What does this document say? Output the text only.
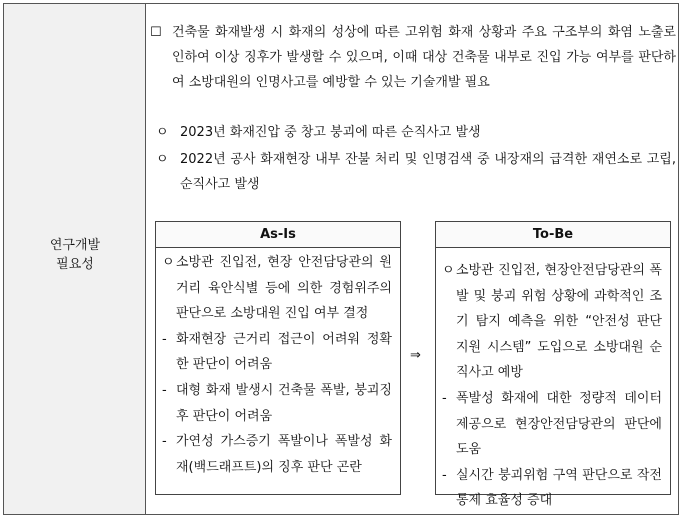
연구개발
필요성
☐ 건축물 화재발생 시 화재의 성상에 따른 고위험 화재 상황과 주요 구조부의 화염 노출로 인하여 이상 징후가 발생할 수 있으며, 이때 대상 건축물 내부로 진입 가능 여부를 판단하여 소방대원의 인명사고를 예방할 수 있는 기술개발 필요
ㅇ 2023년 화재진압 중 창고 붕괴에 따른 순직사고 발생
ㅇ 2022년 공사 화재현장 내부 잔불 처리 및 인명검색 중 내장재의 급격한 재연소로 고립, 순직사고 발생
As-Is
ㅇ 소방관 진입전, 현장 안전담당관의 원거리 육안식별 등에 의한 경험위주의 판단으로 소방대원 진입 여부 결정
- 화재현장 근거리 접근이 어려워 정확한 판단이 어려움
- 대형 화재 발생시 건축물 폭발, 붕괴징후 판단이 어려움
- 가연성 가스증기 폭발이나 폭발성 화재(백드래프트)의 징후 판단 곤란
⇒
To-Be
ㅇ 소방관 진입전, 현장안전담당관의 폭발 및 붕괴 위험 상황에 과학적인 조기 탐지 예측을 위한 “안전성 판단 지원 시스템” 도입으로 소방대원 순직사고 예방
- 폭발성 화재에 대한 정량적 데이터 제공으로 현장안전담당관의 판단에 도움
- 실시간 붕괴위험 구역 판단으로 작전 통제 효율성 증대
